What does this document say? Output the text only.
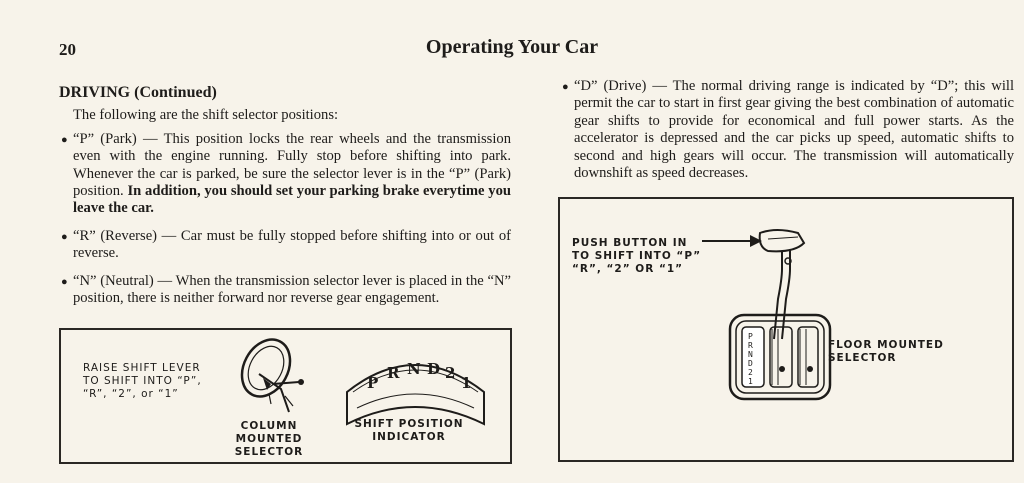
20	Operating Your Car
DRIVING (Continued)
The following are the shift selector positions:
● “P” (Park) — This position locks the rear wheels and the transmission even with the engine running. Fully stop before shifting into park. Whenever the car is parked, be sure the selector lever is in the “P” (Park) position. In addition, you should set your parking brake everytime you leave the car.
● “R” (Reverse) — Car must be fully stopped before shifting into or out of reverse.
● “N” (Neutral) — When the transmission selector lever is placed in the “N” position, there is neither forward nor reverse gear engagement.
● “D” (Drive) — The normal driving range is indicated by “D”; this will permit the car to start in first gear giving the best combination of automatic gear shifts to provide for economical and full power starts. As the accelerator is depressed and the car picks up speed, automatic shifts to second and high gears will occur. The transmission will automatically downshift as speed decreases.
RAISE SHIFT LEVER
TO SHIFT INTO “P”,
“R”, “2”, or “1”
COLUMN
MOUNTED
SELECTOR
P
R N D 2
1
SHIFT POSITION
INDICATOR
PUSH BUTTON IN
TO SHIFT INTO “P”
“R”, “2” OR “1”
P
R
N
D
2
1
FLOOR MOUNTED
SELECTOR
